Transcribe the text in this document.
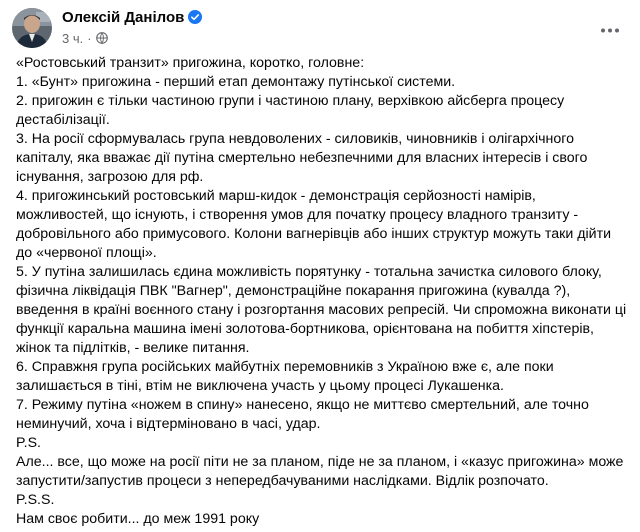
Олексій Данілов
3 ч. ·

«Ростовський транзит» пригожина, коротко, головне:

1. «Бунт» пригожина - перший етап демонтажу путінської системи.

2. пригожин є тільки частиною групи і частиною плану, верхівкою айсберга процесу дестабілізації.

3. На росії сформувалась група невдоволених - силовиків, чиновників і олігархічного капіталу, яка вважає дії путіна смертельно небезпечними для власних інтересів і свого існування, загрозою для рф.

4. пригожинський ростовський марш-кидок - демонстрація серйозності намірів, можливостей, що існують, і створення умов для початку процесу владного транзиту - добровільного або примусового. Колони вагнерівців або інших структур можуть таки дійти до «червоної площі».

5. У путіна залишилась єдина можливість порятунку - тотальна зачистка силового блоку, фізична ліквідація ПВК "Вагнер", демонстраційне покарання пригожина (кувалда ?), введення в країні воєнного стану і розгортання масових репресій. Чи спроможна виконати ці функції каральна машина імені золотова-бортникова, орієнтована на побиття хіпстерів, жінок та підлітків, - велике питання.

6. Справжня група російських майбутніх перемовників з Україною вже є, але поки залишається в тіні, втім не виключена участь у цьому процесі Лукашенка.

7. Режиму путіна «ножем в спину» нанесено, якщо не миттєво смертельний, але точно неминучий, хоча і відтерміновано в часі, удар.

P.S.

Але... все, що може на росії піти не за планом, піде не за планом, і «казус пригожина» може запустити/запустив процеси з непередбачуваними наслідками. Відлік розпочато.

P.S.S.

Нам своє робити... до меж 1991 року
